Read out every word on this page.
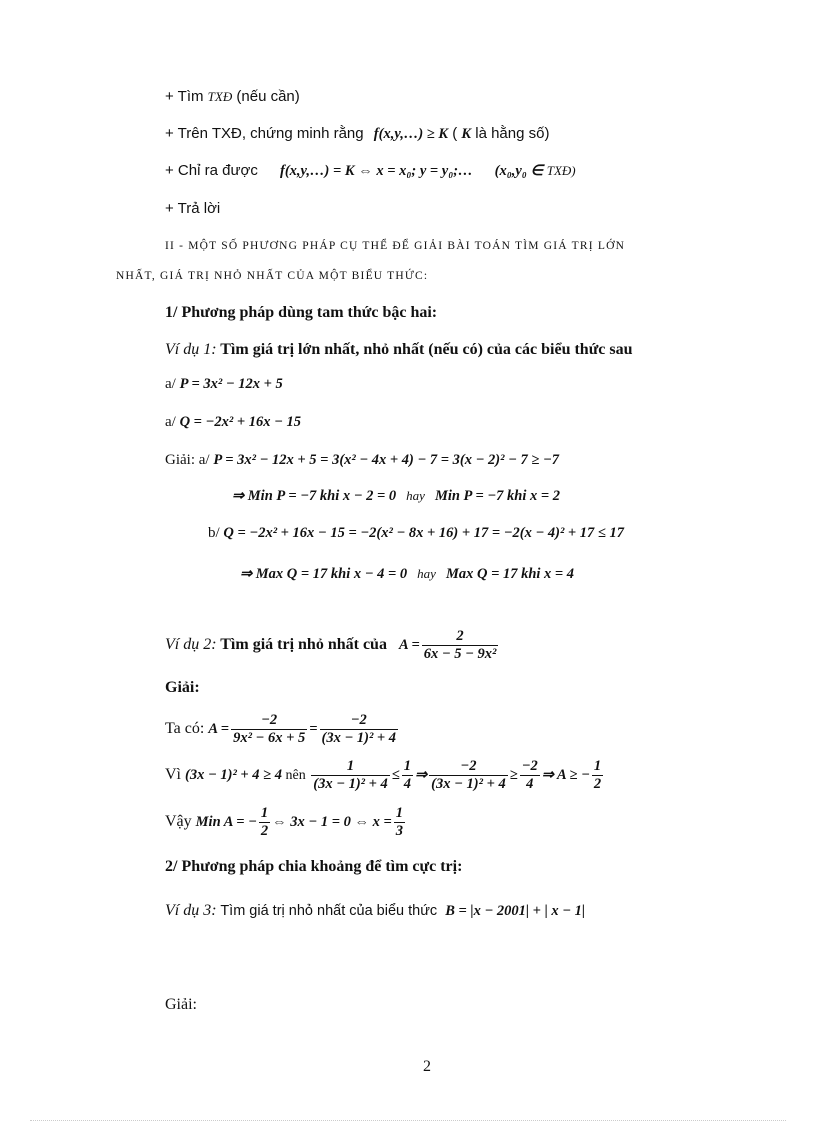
+ Tìm TXĐ (nếu cần)
+ Trên TXĐ, chứng minh rằng f(x,y,…) ≥ K ( K là hằng số)
+ Chỉ ra được f(x,y,…) = K ⇔ x = x₀; y = y₀;… (x₀,y₀ ∈ TXĐ)
+ Trả lời
II - MỘT SỐ PHƯƠNG PHÁP CỤ THỂ ĐỂ GIẢI BÀI TOÁN TÌM GIÁ TRỊ LỚN
NHẤT, GIÁ TRỊ NHỎ NHẤT CỦA MỘT BIỂU THỨC:
1/ Phương pháp dùng tam thức bậc hai:
Ví dụ 1: Tìm giá trị lớn nhất, nhỏ nhất (nếu có) của các biểu thức sau
a/ P = 3x² − 12x + 5
a/ Q = −2x² + 16x − 15
Giải: a/ P = 3x² − 12x + 5 = 3(x² − 4x + 4) − 7 = 3(x − 2)² − 7 ≥ −7
⇒ Min P = −7 khi x − 2 = 0 hay Min P = −7 khi x = 2
b/ Q = −2x² + 16x − 15 = −2(x² − 8x + 16) + 17 = −2(x − 4)² + 17 ≤ 17
⇒ Max Q = 17 khi x − 4 = 0 hay Max Q = 17 khi x = 4
Ví dụ 2: Tìm giá trị nhỏ nhất của $A = \frac{2}{\text{6x − 5 − 9x²}}$
Giải:
Ta có: $A = \frac{-2}{\text{9x² − 6x + 5}} = \frac{-2}{\text{(3x − 1)² + 4}}$
Vì (3x − 1)² + 4 ≥ 4 nên $\frac{1}{\text{(3x − 1)² + 4}} \le \frac{1}{4}$ ⇒ $\frac{-2}{\text{(3x − 1)² + 4}} \ge \frac{-2}{4}$ ⇒ A ≥ − $\frac{1}{2}$
Vậy Min A = − $\frac{1}{2}$ ⇔ 3x − 1 = 0 ⇔ $x = \frac{1}{3}$
2/ Phương pháp chia khoảng để tìm cực trị:
Ví dụ 3: Tìm giá trị nhỏ nhất của biểu thức B = |x − 2001| + | x − 1|
Giải:
2
